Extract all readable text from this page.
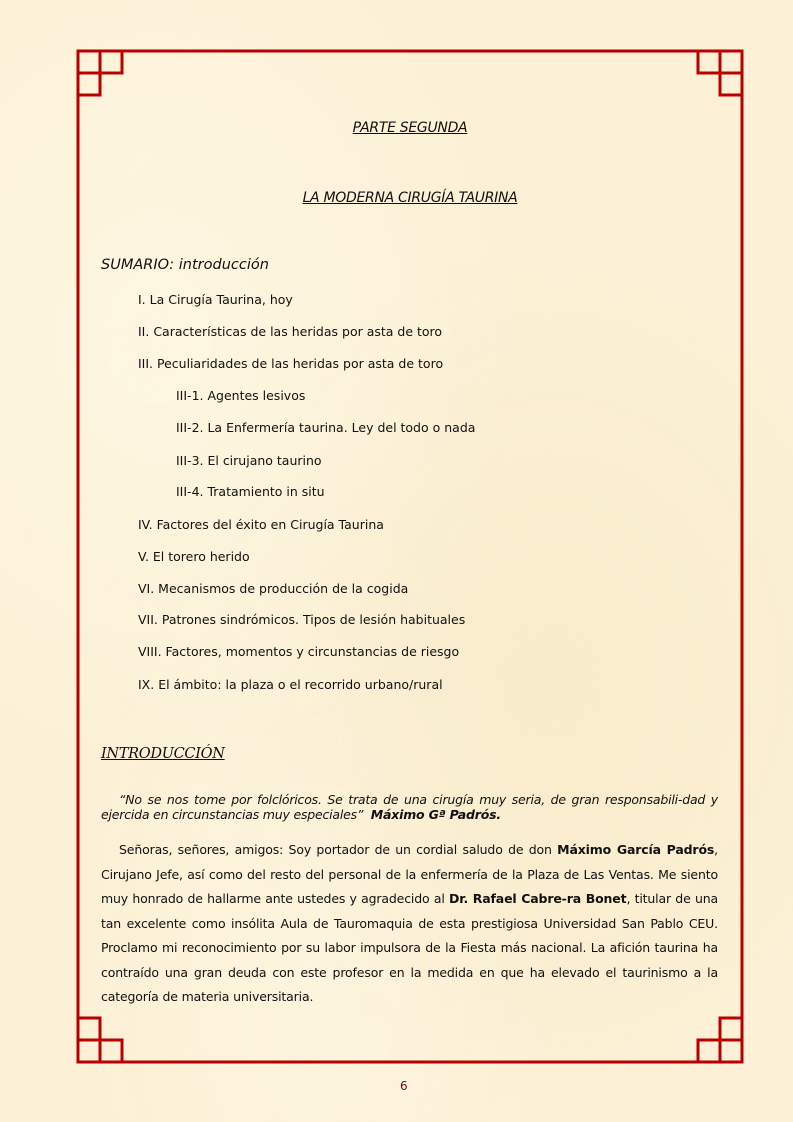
PARTE SEGUNDA
LA MODERNA CIRUGÍA TAURINA
SUMARIO: introducción
I. La Cirugía Taurina, hoy
II. Características de las heridas por asta de toro
III. Peculiaridades de las heridas por asta de toro
III-1. Agentes lesivos
III-2. La Enfermería taurina. Ley del todo o nada
III-3. El cirujano taurino
III-4. Tratamiento in situ
IV. Factores del éxito en Cirugía Taurina
V. El torero herido
VI. Mecanismos de producción de la cogida
VII. Patrones sindrómicos. Tipos de lesión habituales
VIII. Factores, momentos y circunstancias de riesgo
IX. El ámbito: la plaza o el recorrido urbano/rural
INTRODUCCIÓN
“No se nos tome por folclóricos. Se trata de una cirugía muy seria, de gran responsabili-dad y ejercida en circunstancias muy especiales” Máximo Gª Padrós.
Señoras, señores, amigos: Soy portador de un cordial saludo de don Máximo García Padrós, Cirujano Jefe, así como del resto del personal de la enfermería de la Plaza de Las Ventas. Me siento muy honrado de hallarme ante ustedes y agradecido al Dr. Rafael Cabre-ra Bonet, titular de una tan excelente como insólita Aula de Tauromaquia de esta prestigiosa Universidad San Pablo CEU. Proclamo mi reconocimiento por su labor impulsora de la Fiesta más nacional. La afición taurina ha contraído una gran deuda con este profesor en la medida en que ha elevado el taurinismo a la categoría de materia universitaria.
6
